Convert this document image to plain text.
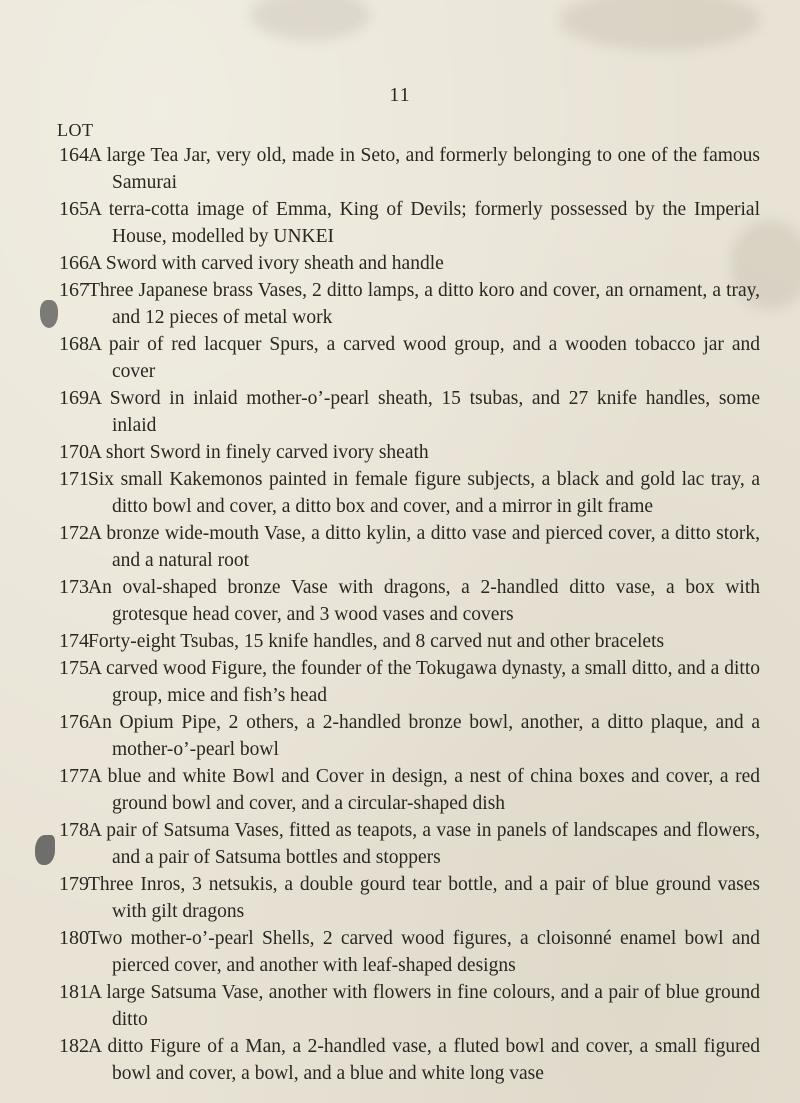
11
LOT
164 A large Tea Jar, very old, made in Seto, and formerly belonging to one of the famous Samurai
165 A terra-cotta image of Emma, King of Devils; formerly possessed by the Imperial House, modelled by UNKEI
166 A Sword with carved ivory sheath and handle
167 Three Japanese brass Vases, 2 ditto lamps, a ditto koro and cover, an ornament, a tray, and 12 pieces of metal work
168 A pair of red lacquer Spurs, a carved wood group, and a wooden tobacco jar and cover
169 A Sword in inlaid mother-o’-pearl sheath, 15 tsubas, and 27 knife handles, some inlaid
170 A short Sword in finely carved ivory sheath
171 Six small Kakemonos painted in female figure subjects, a black and gold lac tray, a ditto bowl and cover, a ditto box and cover, and a mirror in gilt frame
172 A bronze wide-mouth Vase, a ditto kylin, a ditto vase and pierced cover, a ditto stork, and a natural root
173 An oval-shaped bronze Vase with dragons, a 2-handled ditto vase, a box with grotesque head cover, and 3 wood vases and covers
174 Forty-eight Tsubas, 15 knife handles, and 8 carved nut and other bracelets
175 A carved wood Figure, the founder of the Tokugawa dynasty, a small ditto, and a ditto group, mice and fish’s head
176 An Opium Pipe, 2 others, a 2-handled bronze bowl, another, a ditto plaque, and a mother-o’-pearl bowl
177 A blue and white Bowl and Cover in design, a nest of china boxes and cover, a red ground bowl and cover, and a circular-shaped dish
178 A pair of Satsuma Vases, fitted as teapots, a vase in panels of landscapes and flowers, and a pair of Satsuma bottles and stoppers
179 Three Inros, 3 netsukis, a double gourd tear bottle, and a pair of blue ground vases with gilt dragons
180 Two mother-o’-pearl Shells, 2 carved wood figures, a cloisonné enamel bowl and pierced cover, and another with leaf-shaped designs
181 A large Satsuma Vase, another with flowers in fine colours, and a pair of blue ground ditto
182 A ditto Figure of a Man, a 2-handled vase, a fluted bowl and cover, a small figured bowl and cover, a bowl, and a blue and white long vase
